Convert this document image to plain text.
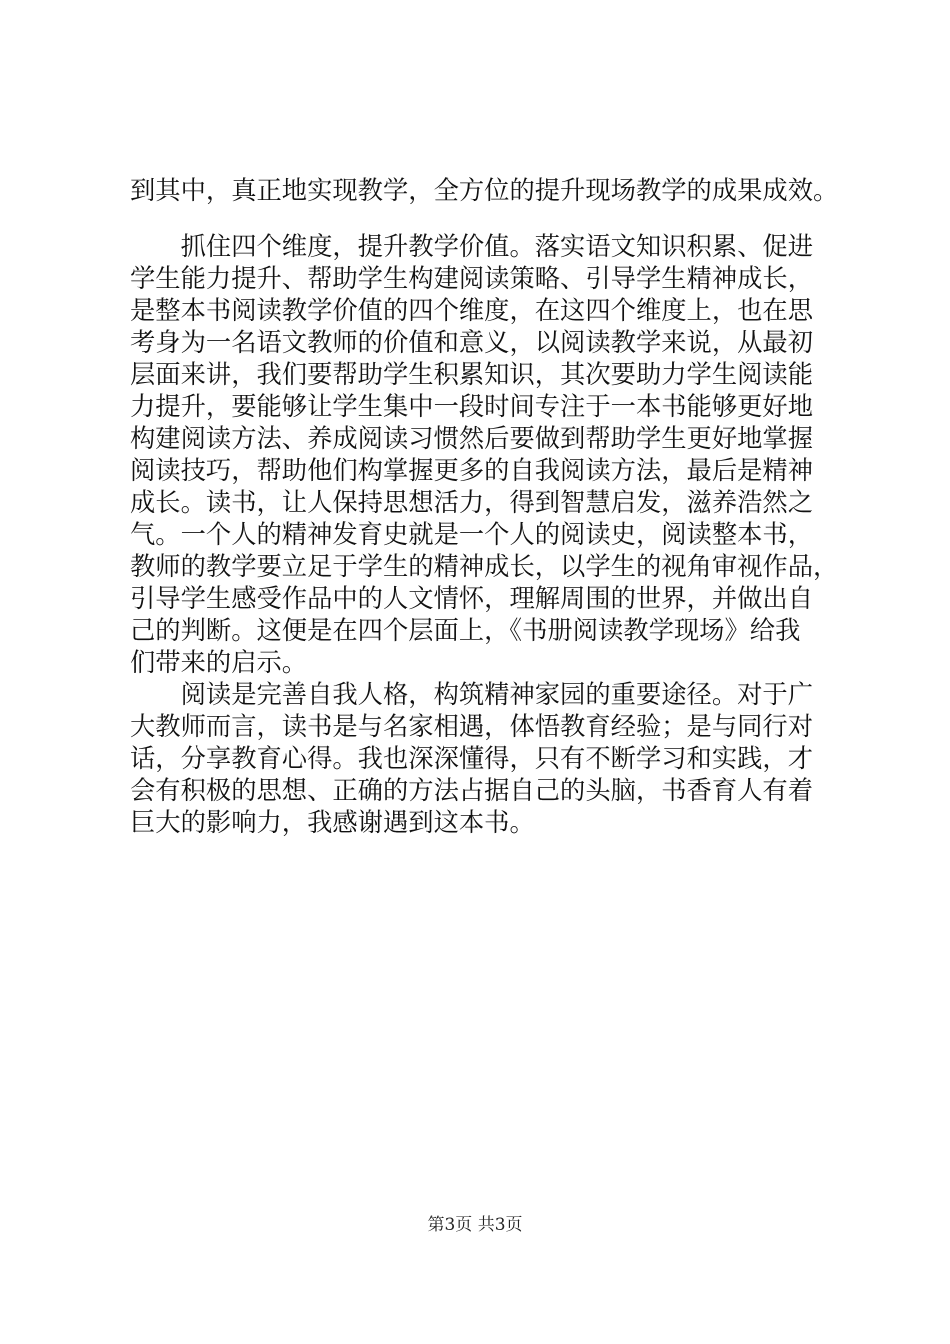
到其中，真正地实现教学，全方位的提升现场教学的成果成效。
　　抓住四个维度，提升教学价值。落实语文知识积累、促进
学生能力提升、帮助学生构建阅读策略、引导学生精神成长，
是整本书阅读教学价值的四个维度，在这四个维度上，也在思
考身为一名语文教师的价值和意义，以阅读教学来说，从最初
层面来讲，我们要帮助学生积累知识，其次要助力学生阅读能
力提升，要能够让学生集中一段时间专注于一本书能够更好地
构建阅读方法、养成阅读习惯然后要做到帮助学生更好地掌握
阅读技巧，帮助他们构掌握更多的自我阅读方法，最后是精神
成长。读书，让人保持思想活力，得到智慧启发，滋养浩然之
气。一个人的精神发育史就是一个人的阅读史，阅读整本书，
教师的教学要立足于学生的精神成长，以学生的视角审视作品，
引导学生感受作品中的人文情怀，理解周围的世界，并做出自
己的判断。这便是在四个层面上，《书册阅读教学现场》给我
们带来的启示。
　　阅读是完善自我人格，构筑精神家园的重要途径。对于广
大教师而言，读书是与名家相遇，体悟教育经验；是与同行对
话，分享教育心得。我也深深懂得，只有不断学习和实践，才
会有积极的思想、正确的方法占据自己的头脑，书香育人有着
巨大的影响力，我感谢遇到这本书。
第3页 共3页
